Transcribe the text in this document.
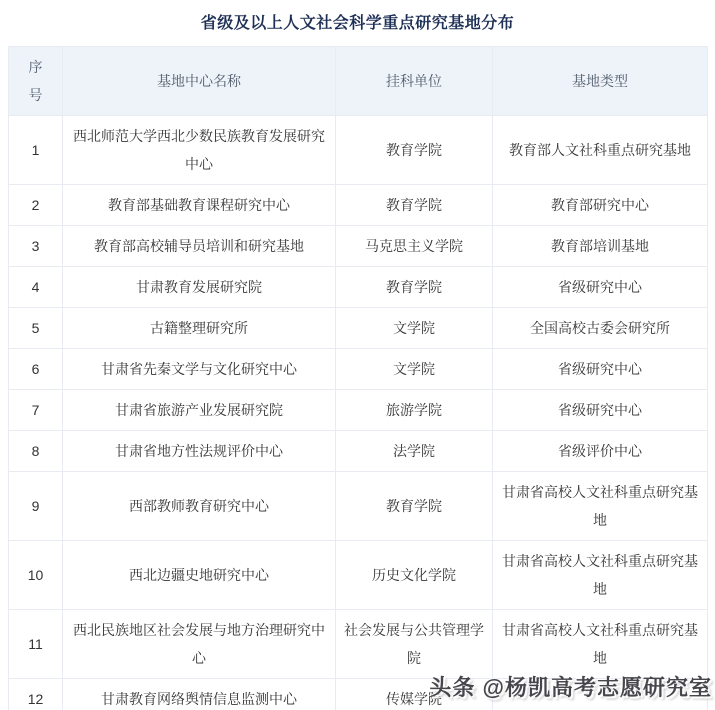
省级及以上人文社会科学重点研究基地分布
序号	基地中心名称	挂科单位	基地类型
1	西北师范大学西北少数民族教育发展研究中心	教育学院	教育部人文社科重点研究基地
2	教育部基础教育课程研究中心	教育学院	教育部研究中心
3	教育部高校辅导员培训和研究基地	马克思主义学院	教育部培训基地
4	甘肃教育发展研究院	教育学院	省级研究中心
5	古籍整理研究所	文学院	全国高校古委会研究所
6	甘肃省先秦文学与文化研究中心	文学院	省级研究中心
7	甘肃省旅游产业发展研究院	旅游学院	省级研究中心
8	甘肃省地方性法规评价中心	法学院	省级评价中心
9	西部教师教育研究中心	教育学院	甘肃省高校人文社科重点研究基地
10	西北边疆史地研究中心	历史文化学院	甘肃省高校人文社科重点研究基地
11	西北民族地区社会发展与地方治理研究中心	社会发展与公共管理学院	甘肃省高校人文社科重点研究基地
12	甘肃教育网络舆情信息监测中心	传媒学院	
头条 @杨凯高考志愿研究室
